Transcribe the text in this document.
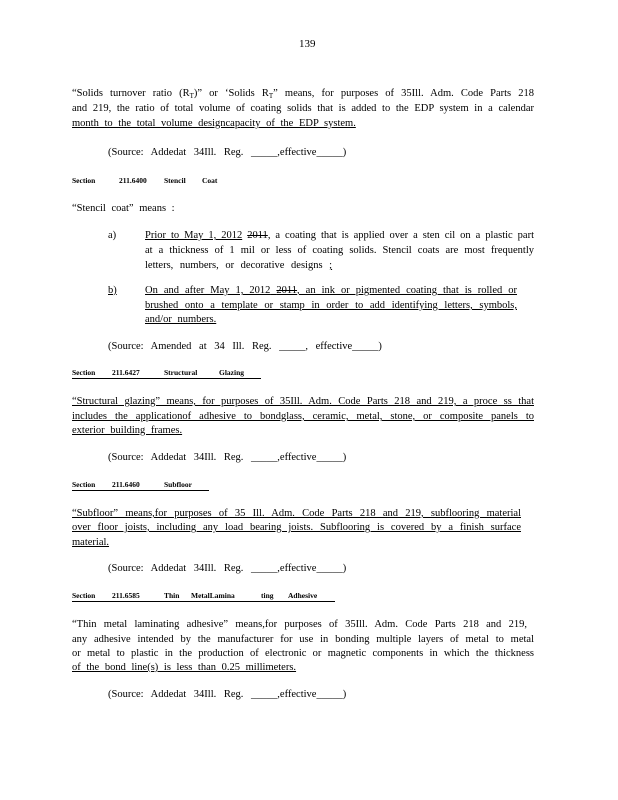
139
“Solids turnover ratio $(R_T)$” or ‘Solids $R_T$” means, for purposes of 35Ill. Adm. Code Parts 218
and 219, the ratio of total volume of coating solids that is added to the EDP system in a calendar
month to the total volume designcapacity of the EDP system.
(Source: Addedat 34Ill. Reg. _____,effective_____)
Section	211.6400 Stencil Coat
“Stencil coat” means :
a)	Prior to May 1, 2012 2011, a coating that is applied over a sten cil on a plastic part
at a thickness of 1 mil or less of coating solids. Stencil coats are most frequently
letters, numbers, or decorative designs ;
b)	On and after May 1, 2012 2011, an ink or pigmented coating that is rolled or
brushed onto a template or stamp in order to add identifying letters, symbols,
and/or numbers.
(Source: Amended at 34 Ill. Reg. _____, effective_____)
Section 211.6427	Structural	Glazing
“Structural glazing” means, for purposes of 35Ill. Adm. Code Parts 218 and 219, a proce ss that
includes the applicationof adhesive to bondglass, ceramic, metal, stone, or composite panels to
exterior building frames.
(Source: Addedat 34Ill. Reg. _____,effective_____)
Section 211.6460	Subfloor
“Subfloor” means,for purposes of 35 Ill. Adm. Code Parts 218 and 219, subflooring material
over floor joists, including any load bearing joists. Subflooring is covered by a finish surface
material.
(Source: Addedat 34Ill. Reg. _____,effective_____)
Section 211.6585	Thin MetalLamina	ting Adhesive
“Thin metal laminating adhesive” means,for purposes of 35Ill. Adm. Code Parts 218 and 219,
any adhesive intended by the manufacturer for use in bonding multiple layers of metal to metal
or metal to plastic in the production of electronic or magnetic components in which the thickness
of the bond line(s) is less than 0.25 millimeters.
(Source: Addedat 34Ill. Reg. _____,effective_____)
